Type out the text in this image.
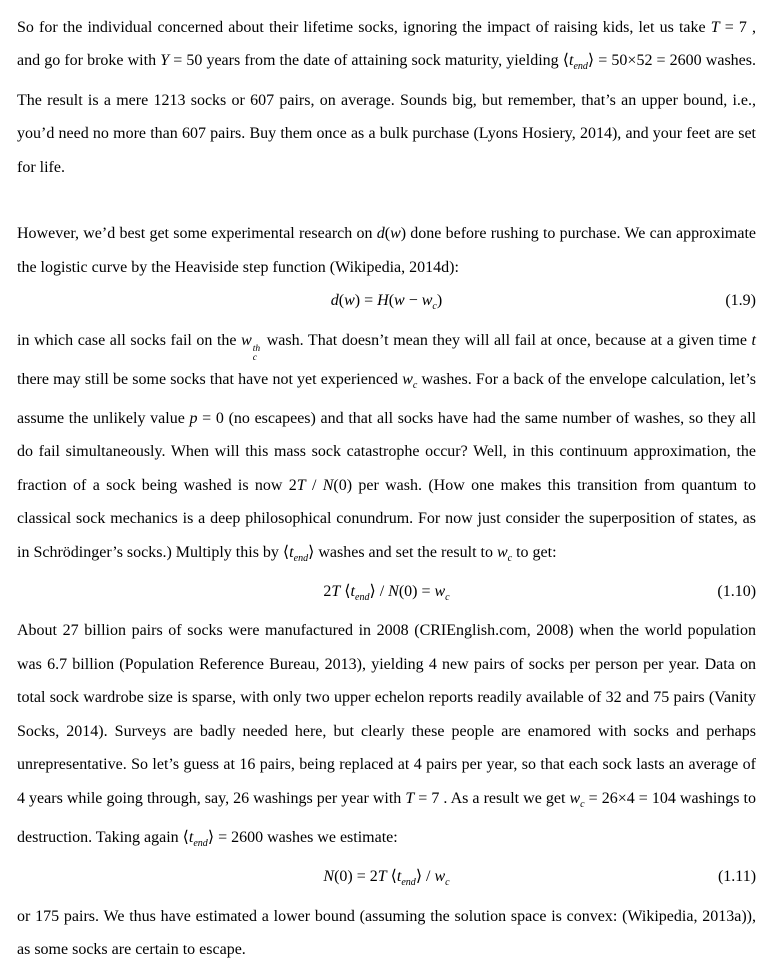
So for the individual concerned about their lifetime socks, ignoring the impact of raising kids, let us take T = 7 , and go for broke with Y = 50 years from the date of attaining sock maturity, yielding $⟨t_{end}⟩ = 50\times 52 = 2600$ washes. The result is a mere 1213 socks or 607 pairs, on average. Sounds big, but remember, that’s an upper bound, i.e., you’d need no more than 607 pairs. Buy them once as a bulk purchase (Lyons Hosiery, 2014), and your feet are set for life.

However, we’d best get some experimental research on d(w) done before rushing to purchase. We can approximate the logistic curve by the Heaviside step function (Wikipedia, 2014d):

$d(w) = H(w - w_c)$	(1.9)

in which case all socks fail on the w th
c
wash. That doesn’t mean they will all fail at once, because at a given time t there may still be some socks that have not yet experienced $w_c$ washes. For a back of the envelope calculation, let’s assume the unlikely value p = 0 (no escapees) and that all socks have had the same number of washes, so they all do fail simultaneously. When will this mass sock catastrophe occur? Well, in this continuum approximation, the fraction of a sock being washed is now 2T / N(0) per wash. (How one makes this transition from quantum to classical sock mechanics is a deep philosophical conundrum. For now just consider the superposition of states, as in Schrödinger’s socks.) Multiply this by $⟨t_{end}⟩$ washes and set the result to $w_c$ to get:

2T $⟨t_{end}⟩ / N(0) = w_c$	(1.10)

About 27 billion pairs of socks were manufactured in 2008 (CRIEnglish.com, 2008) when the world population was 6.7 billion (Population Reference Bureau, 2013), yielding 4 new pairs of socks per person per year. Data on total sock wardrobe size is sparse, with only two upper echelon reports readily available of 32 and 75 pairs (Vanity Socks, 2014). Surveys are badly needed here, but clearly these people are enamored with socks and perhaps unrepresentative. So let’s guess at 16 pairs, being replaced at 4 pairs per year, so that each sock lasts an average of 4 years while going through, say, 26 washings per year with T = 7 . As a result we get $w_c = 26\times 4 = 104$ washings to destruction. Taking again $⟨t_{end}⟩ = 2600$ washes we estimate:

N(0) = 2T $⟨t_{end}⟩ / w_c$	(1.11)

or 175 pairs. We thus have estimated a lower bound (assuming the solution space is convex: (Wikipedia, 2013a)), as some socks are certain to escape.
